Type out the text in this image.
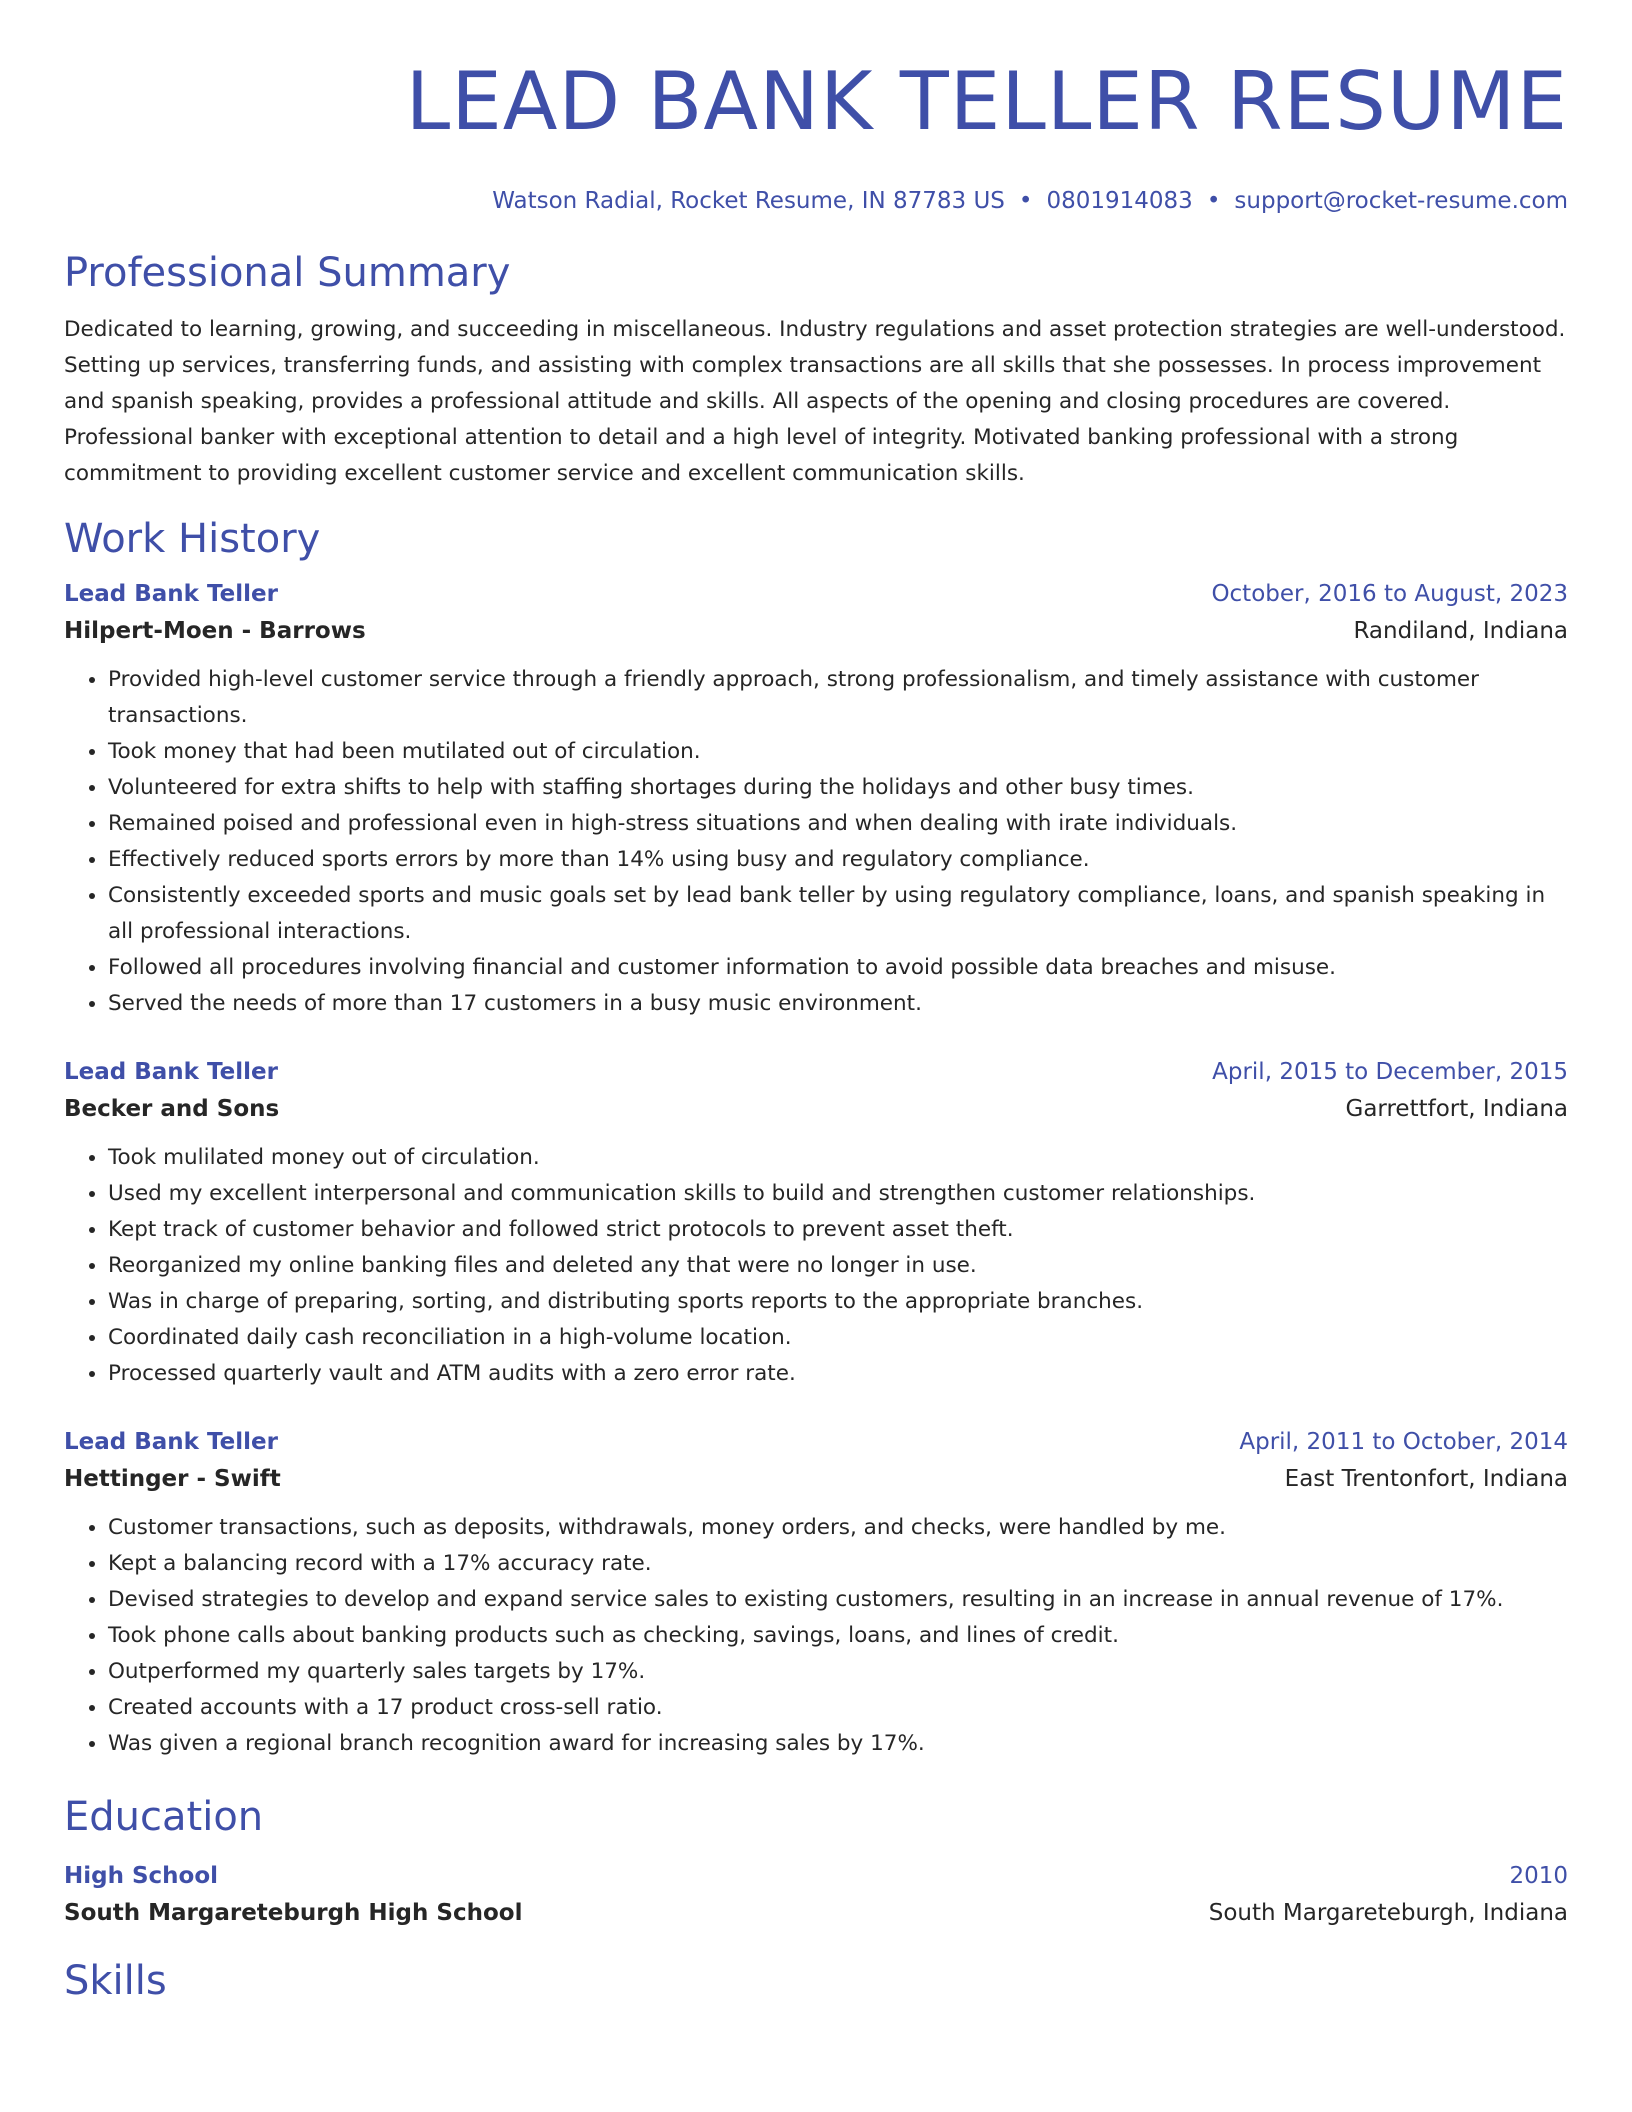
LEAD BANK TELLER RESUME
Watson Radial, Rocket Resume, IN 87783 US • 0801914083 • support@rocket-resume.com
Professional Summary

Dedicated to learning, growing, and succeeding in miscellaneous. Industry regulations and asset protection strategies are well-understood. Setting up services, transferring funds, and assisting with complex transactions are all skills that she possesses. In process improvement and spanish speaking, provides a professional attitude and skills. All aspects of the opening and closing procedures are covered. Professional banker with exceptional attention to detail and a high level of integrity. Motivated banking professional with a strong commitment to providing excellent customer service and excellent communication skills.

Work History
Lead Bank Teller	October, 2016 to August, 2023
Hilpert-Moen - Barrows	Randiland, Indiana
• Provided high-level customer service through a friendly approach, strong professionalism, and timely assistance with customer transactions.
• Took money that had been mutilated out of circulation.
• Volunteered for extra shifts to help with staffing shortages during the holidays and other busy times.
• Remained poised and professional even in high-stress situations and when dealing with irate individuals.
• Effectively reduced sports errors by more than 14% using busy and regulatory compliance.
• Consistently exceeded sports and music goals set by lead bank teller by using regulatory compliance, loans, and spanish speaking in all professional interactions.
• Followed all procedures involving financial and customer information to avoid possible data breaches and misuse.
• Served the needs of more than 17 customers in a busy music environment.
Lead Bank Teller	April, 2015 to December, 2015
Becker and Sons	Garrettfort, Indiana
• Took mulilated money out of circulation.
• Used my excellent interpersonal and communication skills to build and strengthen customer relationships.
• Kept track of customer behavior and followed strict protocols to prevent asset theft.
• Reorganized my online banking files and deleted any that were no longer in use.
• Was in charge of preparing, sorting, and distributing sports reports to the appropriate branches.
• Coordinated daily cash reconciliation in a high-volume location.
• Processed quarterly vault and ATM audits with a zero error rate.
Lead Bank Teller	April, 2011 to October, 2014
Hettinger - Swift	East Trentonfort, Indiana
• Customer transactions, such as deposits, withdrawals, money orders, and checks, were handled by me.
• Kept a balancing record with a 17% accuracy rate.
• Devised strategies to develop and expand service sales to existing customers, resulting in an increase in annual revenue of 17%.
• Took phone calls about banking products such as checking, savings, loans, and lines of credit.
• Outperformed my quarterly sales targets by 17%.
• Created accounts with a 17 product cross-sell ratio.
• Was given a regional branch recognition award for increasing sales by 17%.
Education
High School	2010
South Margareteburgh High School	South Margareteburgh, Indiana
Skills
